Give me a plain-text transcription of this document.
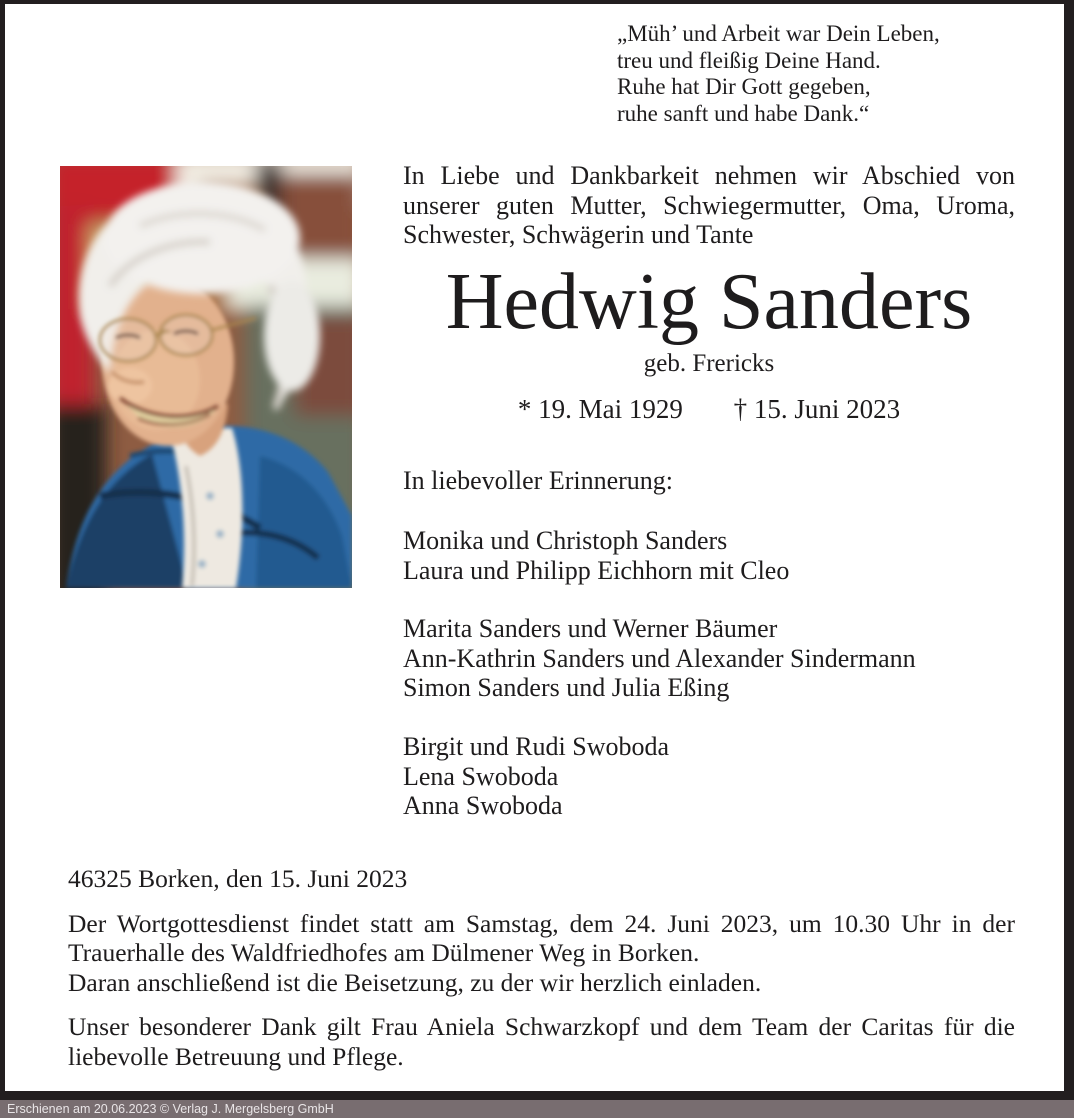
„Müh’ und Arbeit war Dein Leben,
treu und fleißig Deine Hand.
Ruhe hat Dir Gott gegeben,
ruhe sanft und habe Dank.“
In Liebe und Dankbarkeit nehmen wir Abschied von unserer guten Mutter, Schwiegermutter, Oma, Uroma, Schwester, Schwägerin und Tante
Hedwig Sanders
geb. Frericks
* 19. Mai 1929 † 15. Juni 2023
In liebevoller Erinnerung:
Monika und Christoph Sanders
Laura und Philipp Eichhorn mit Cleo
Marita Sanders und Werner Bäumer
Ann-Kathrin Sanders und Alexander Sindermann
Simon Sanders und Julia Eßing
Birgit und Rudi Swoboda
Lena Swoboda
Anna Swoboda

46325 Borken, den 15. Juni 2023

Der Wortgottesdienst findet statt am Samstag, dem 24. Juni 2023, um 10.30 Uhr in der Trauerhalle des Waldfriedhofes am Dülmener Weg in Borken.

Daran anschließend ist die Beisetzung, zu der wir herzlich einladen.

Unser besonderer Dank gilt Frau Aniela Schwarzkopf und dem Team der Caritas für die liebevolle Betreuung und Pflege.

Erschienen am 20.06.2023 © Verlag J. Mergelsberg GmbH
